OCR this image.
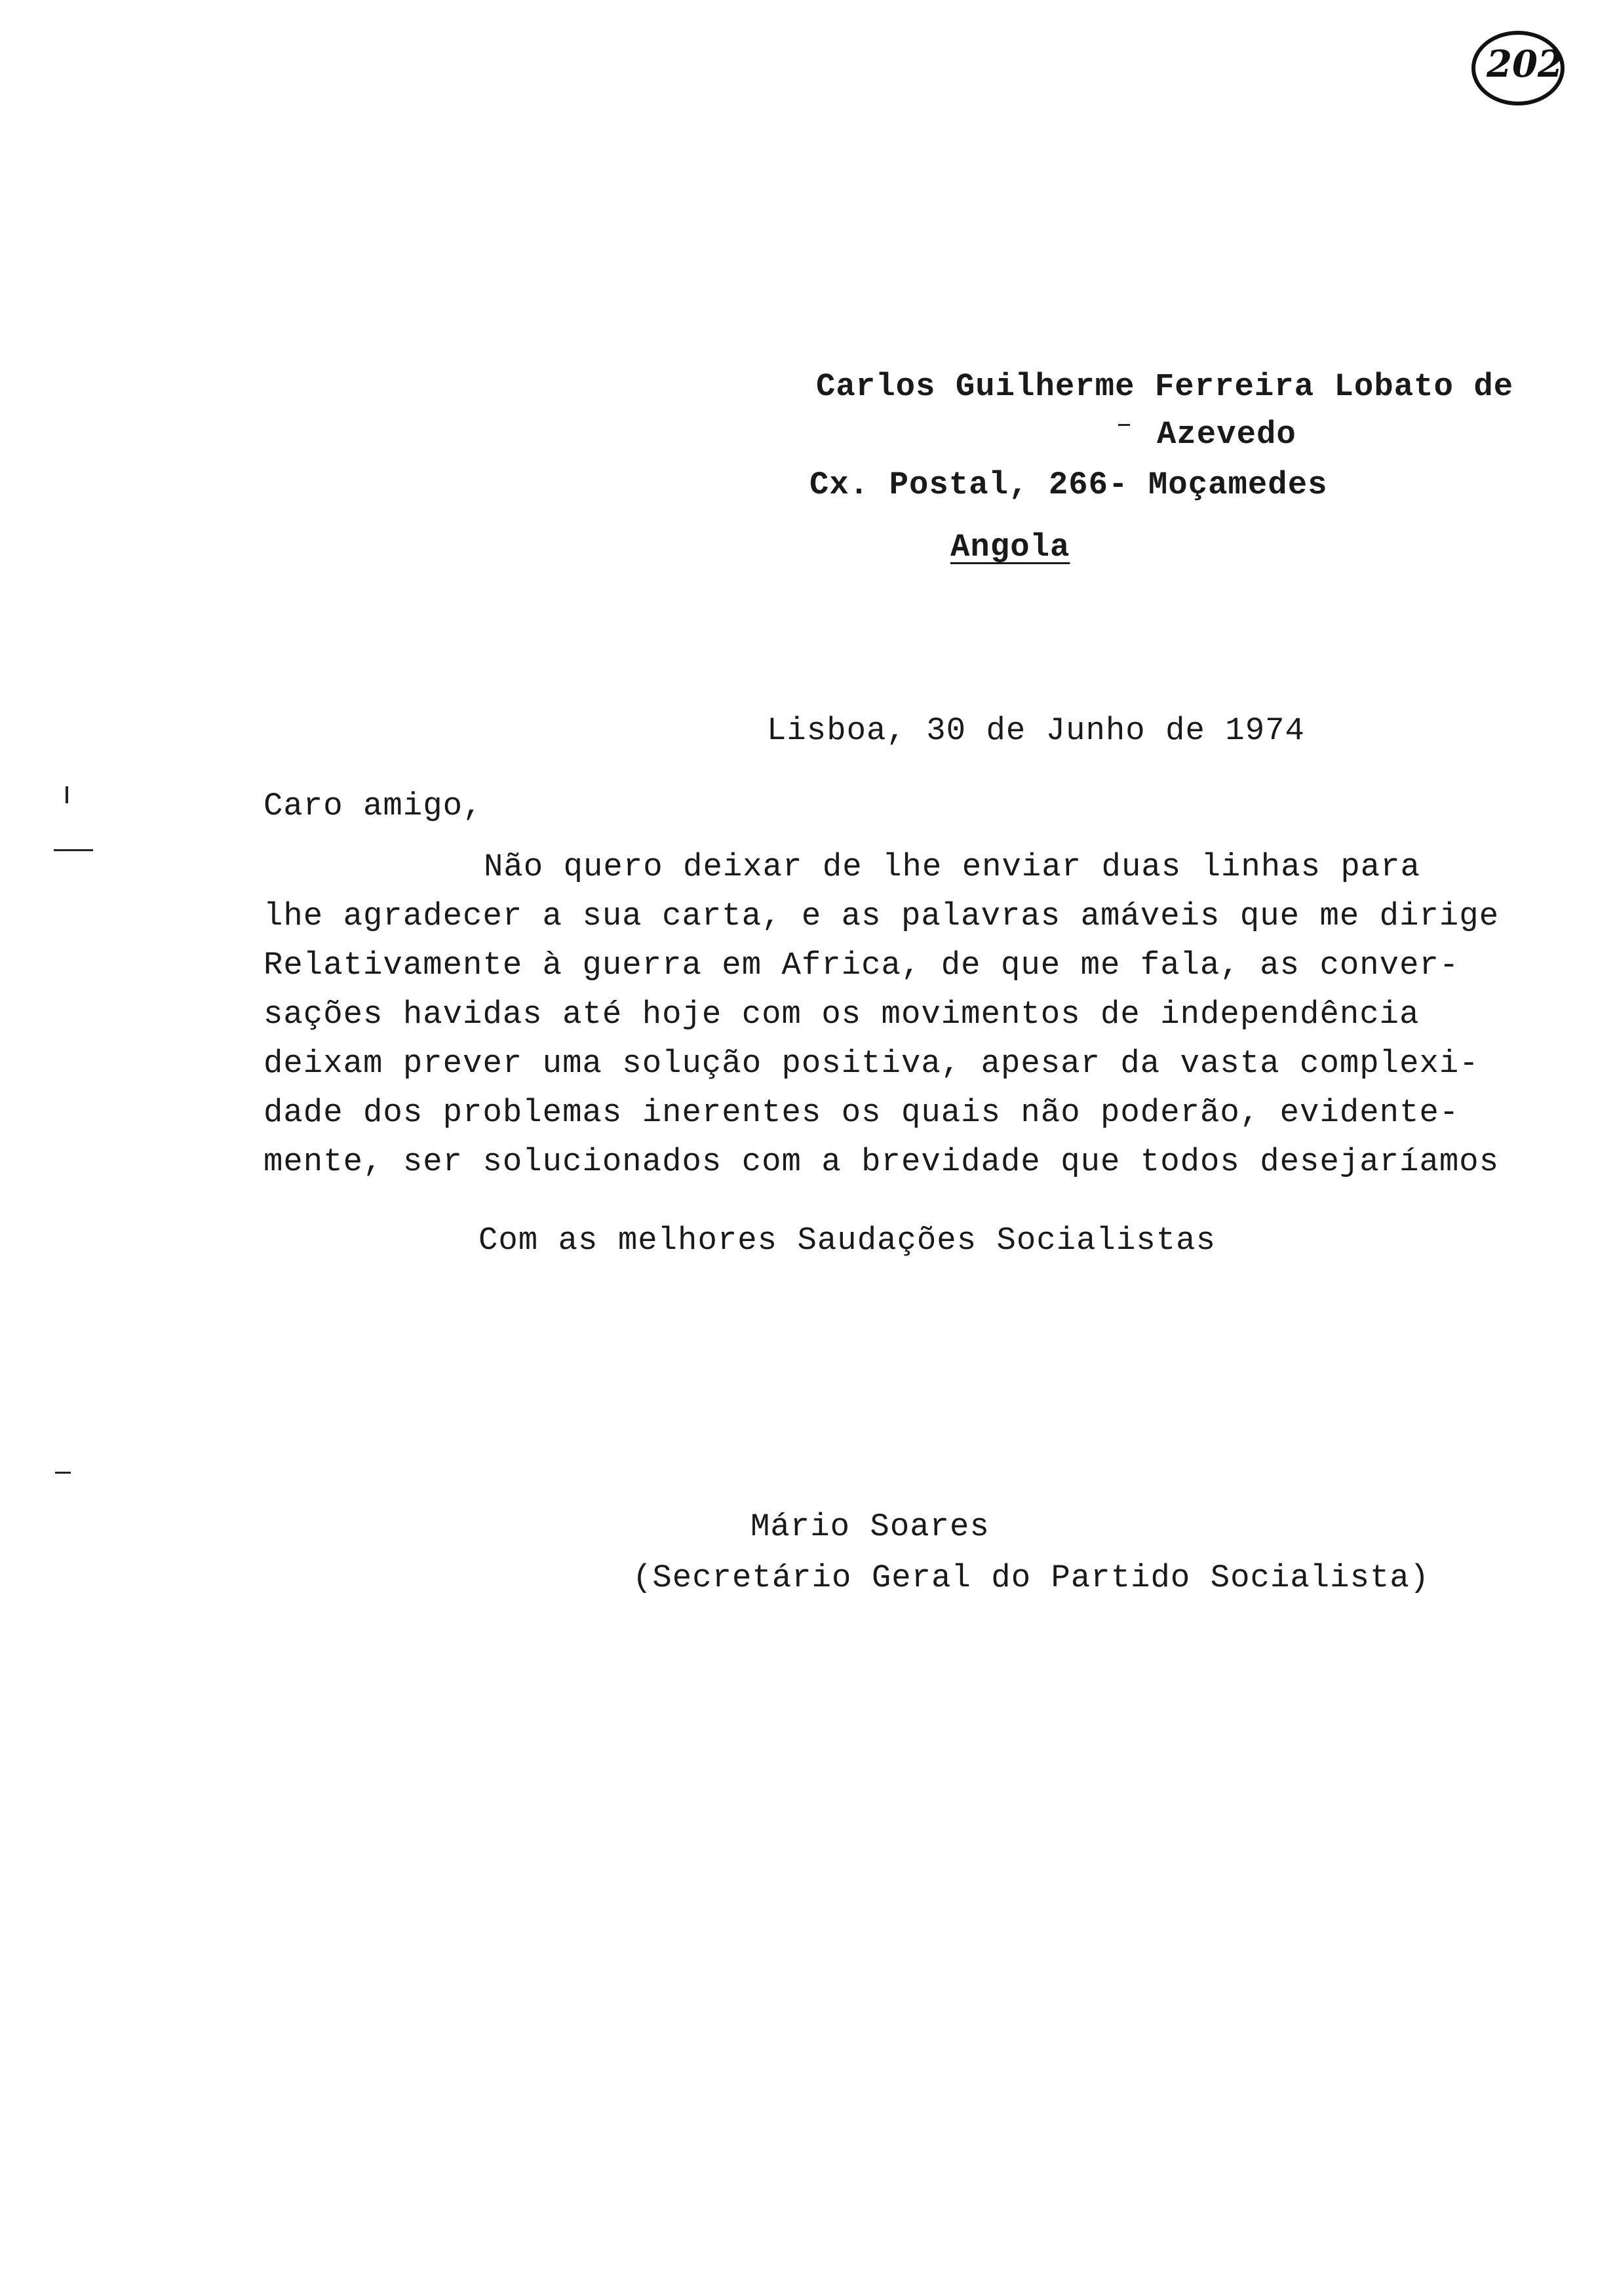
202
Carlos Guilherme Ferreira Lobato de
Azevedo
Cx. Postal, 266- Moçamedes
Angola
Lisboa, 30 de Junho de 1974
Caro amigo,
Não quero deixar de lhe enviar duas linhas para
lhe agradecer a sua carta, e as palavras amáveis que me dirige
Relativamente à guerra em Africa, de que me fala, as conver-
sações havidas até hoje com os movimentos de independência
deixam prever uma solução positiva, apesar da vasta complexi-
dade dos problemas inerentes os quais não poderão, evidente-
mente, ser solucionados com a brevidade que todos desejaríamos
Com as melhores Saudações Socialistas
Mário Soares
(Secretário Geral do Partido Socialista)
